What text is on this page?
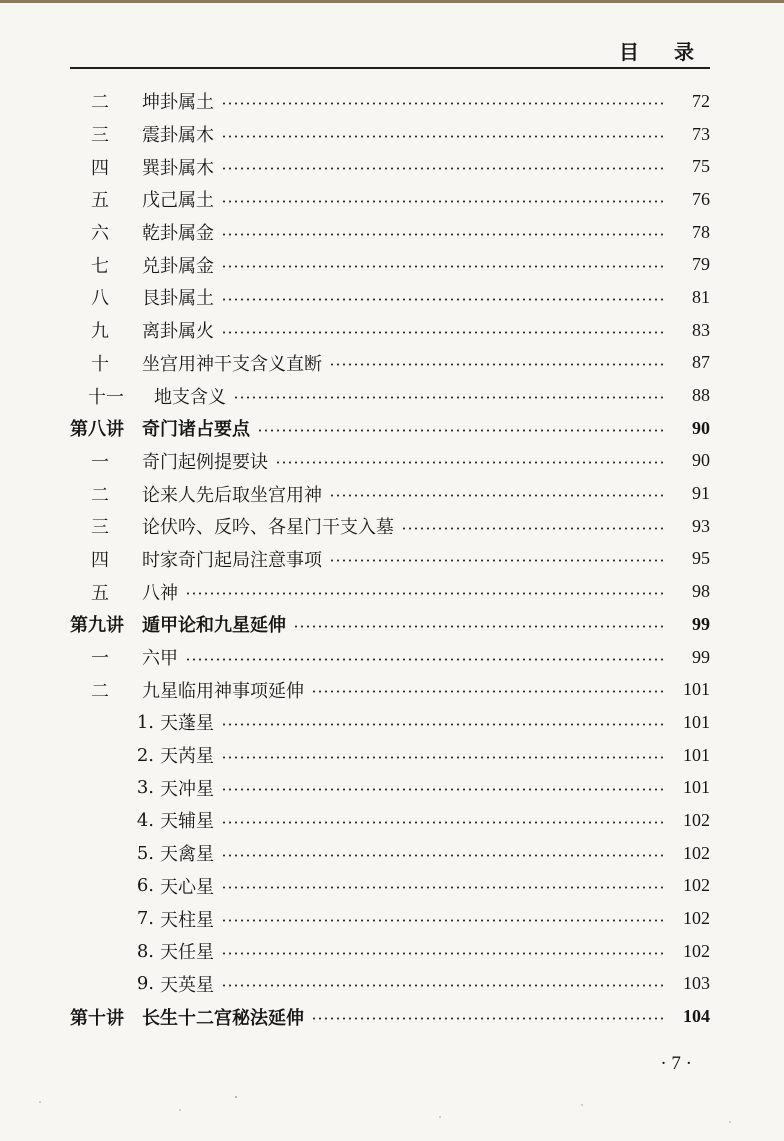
目 录
二	坤卦属土	72
三	震卦属木	73
四	巽卦属木	75
五	戊己属土	76
六	乾卦属金	78
七	兑卦属金	79
八	艮卦属土	81
九	离卦属火	83
十	坐宫用神干支含义直断	87
十一	地支含义	88
第八讲	奇门诸占要点	90
一	奇门起例提要诀	90
二	论来人先后取坐宫用神	91
三	论伏吟、反吟、各星门干支入墓	93
四	时家奇门起局注意事项	95
五	八神	98
第九讲	遁甲论和九星延伸	99
一	六甲	99
二	九星临用神事项延伸	101
1. 天蓬星	101
2. 天芮星	101
3. 天冲星	101
4. 天辅星	102
5. 天禽星	102
6. 天心星	102
7. 天柱星	102
8. 天任星	102
9. 天英星	103
第十讲	长生十二宫秘法延伸	104
· 7 ·
